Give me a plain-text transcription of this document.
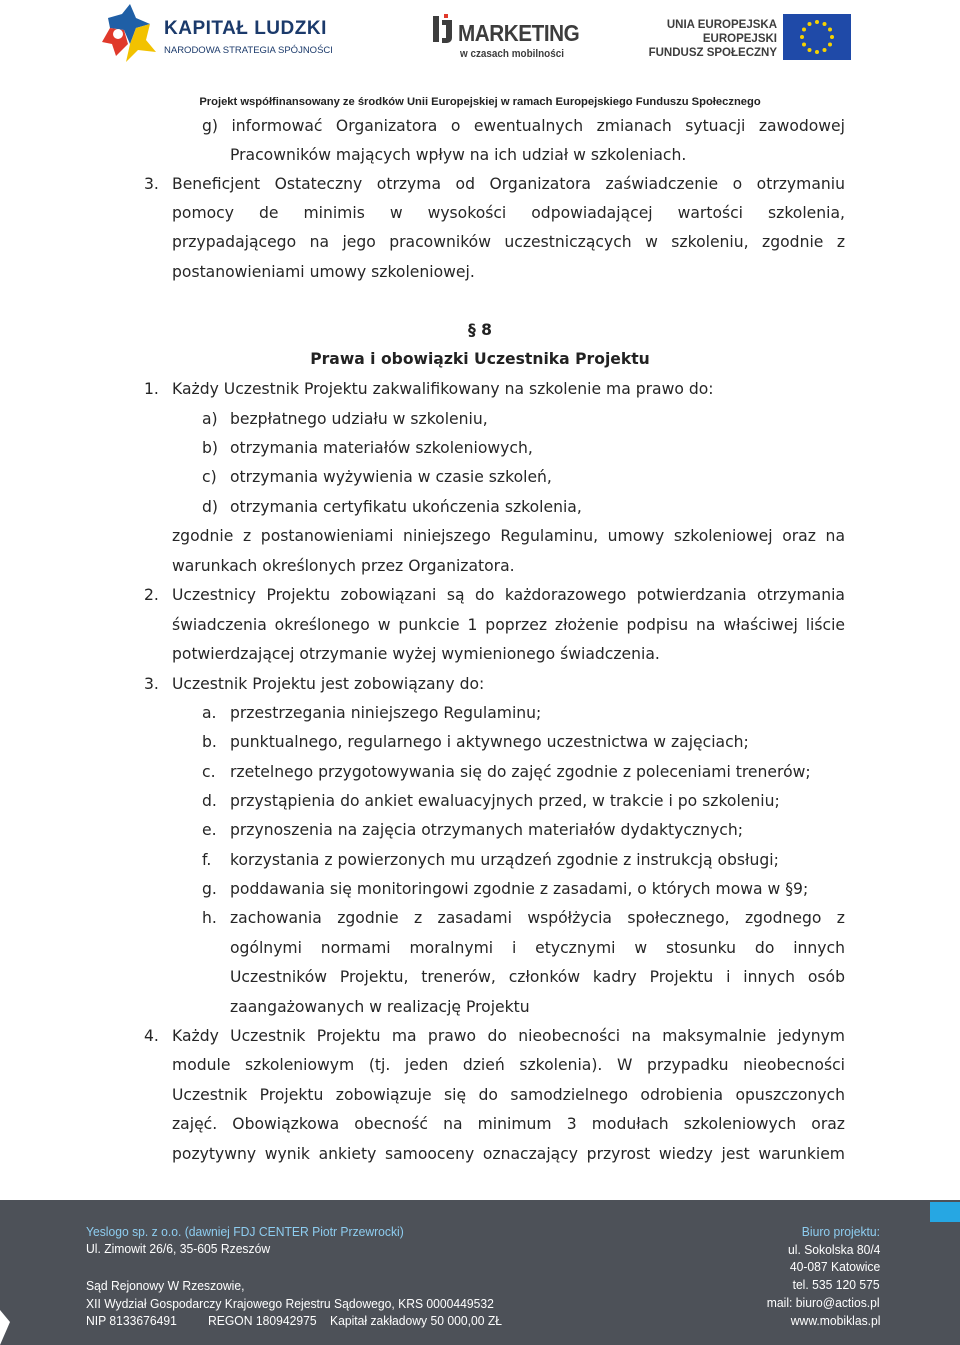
KAPITAŁ LUDZKI
NARODOWA STRATEGIA SPÓJNOŚCI
MARKETING
w czasach mobilności
UNIA EUROPEJSKA
EUROPEJSKI
FUNDUSZ SPOŁECZNY
Projekt współfinansowany ze środków Unii Europejskiej w ramach Europejskiego Funduszu Społecznego
g) informować Organizatora o ewentualnych zmianach sytuacji zawodowej
Pracowników mających wpływ na ich udział w szkoleniach.
3. Beneficjent Ostateczny otrzyma od Organizatora zaświadczenie o otrzymaniu
pomocy de minimis w wysokości odpowiadającej wartości szkolenia,
przypadającego na jego pracowników uczestniczących w szkoleniu, zgodnie z
postanowieniami umowy szkoleniowej.
§ 8
Prawa i obowiązki Uczestnika Projektu
1. Każdy Uczestnik Projektu zakwalifikowany na szkolenie ma prawo do:
a) bezpłatnego udziału w szkoleniu,
b) otrzymania materiałów szkoleniowych,
c) otrzymania wyżywienia w czasie szkoleń,
d) otrzymania certyfikatu ukończenia szkolenia,
zgodnie z postanowieniami niniejszego Regulaminu, umowy szkoleniowej oraz na
warunkach określonych przez Organizatora.
2. Uczestnicy Projektu zobowiązani są do każdorazowego potwierdzania otrzymania
świadczenia określonego w punkcie 1 poprzez złożenie podpisu na właściwej liście
potwierdzającej otrzymanie wyżej wymienionego świadczenia.
3. Uczestnik Projektu jest zobowiązany do:
a. przestrzegania niniejszego Regulaminu;
b. punktualnego, regularnego i aktywnego uczestnictwa w zajęciach;
c. rzetelnego przygotowywania się do zajęć zgodnie z poleceniami trenerów;
d. przystąpienia do ankiet ewaluacyjnych przed, w trakcie i po szkoleniu;
e. przynoszenia na zajęcia otrzymanych materiałów dydaktycznych;
f. korzystania z powierzonych mu urządzeń zgodnie z instrukcją obsługi;
g. poddawania się monitoringowi zgodnie z zasadami, o których mowa w §9;
h. zachowania zgodnie z zasadami współżycia społecznego, zgodnego z
ogólnymi normami moralnymi i etycznymi w stosunku do innych
Uczestników Projektu, trenerów, członków kadry Projektu i innych osób
zaangażowanych w realizację Projektu
4. Każdy Uczestnik Projektu ma prawo do nieobecności na maksymalnie jedynym
module szkoleniowym (tj. jeden dzień szkolenia). W przypadku nieobecności
Uczestnik Projektu zobowiązuje się do samodzielnego odrobienia opuszczonych
zajęć. Obowiązkowa obecność na minimum 3 modułach szkoleniowych oraz
pozytywny wynik ankiety samooceny oznaczający przyrost wiedzy jest warunkiem
Yeslogo sp. z o.o. (dawniej FDJ CENTER Piotr Przewrocki)
Ul. Zimowit 26/6, 35-605 Rzeszów
Sąd Rejonowy W Rzeszowie,
XII Wydział Gospodarczy Krajowego Rejestru Sądowego, KRS 0000449532
NIP 8133676491 REGON 180942975 Kapitał zakładowy 50 000,00 ZŁ
Biuro projektu:
ul. Sokolska 80/4
40-087 Katowice
tel. 535 120 575
mail: biuro@actios.pl
www.mobiklas.pl
